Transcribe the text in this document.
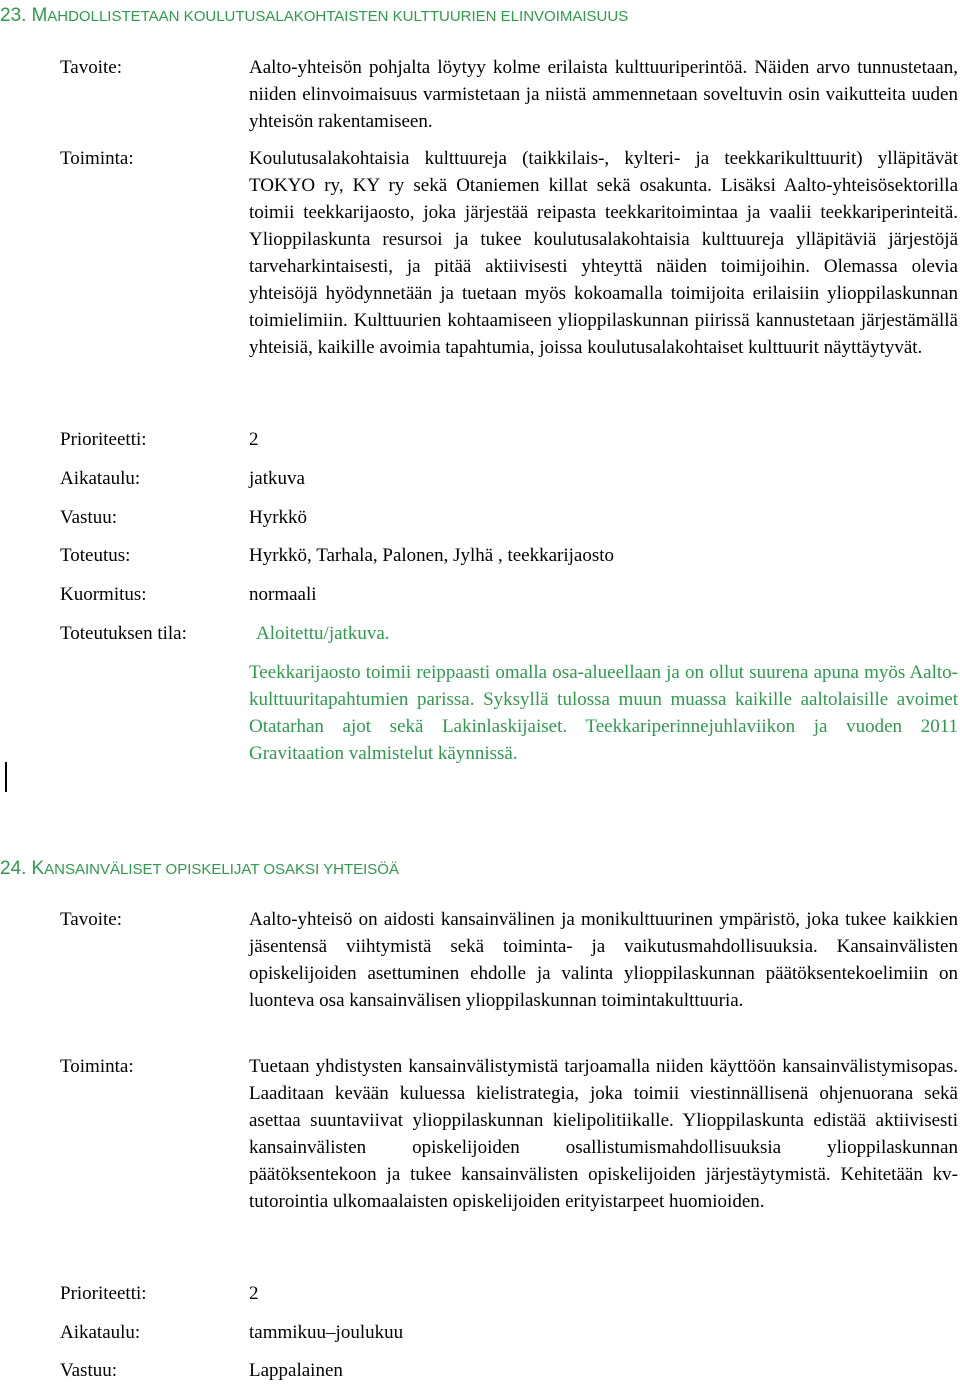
23. MAHDOLLISTETAAN KOULUTUSALAKOHTAISTEN KULTTUURIEN ELINVOIMAISUUS
Tavoite:	Aalto-yhteisön pohjalta löytyy kolme erilaista kulttuuriperintöä. Näiden arvo tunnustetaan, niiden elinvoimaisuus varmistetaan ja niistä ammennetaan soveltuvin osin vaikutteita uuden yhteisön rakentamiseen.

Toiminta:	Koulutusalakohtaisia kulttuureja (taikkilais-, kylteri- ja teekkarikulttuurit) ylläpitävät TOKYO ry, KY ry sekä Otaniemen killat sekä osakunta. Lisäksi Aalto-yhteisösektorilla toimii teekkarijaosto, joka järjestää reipasta teekkaritoimintaa ja vaalii teekkariperinteitä. Ylioppilaskunta resursoi ja tukee koulutusalakohtaisia kulttuureja ylläpitäviä järjestöjä tarveharkintaisesti, ja pitää aktiivisesti yhteyttä näiden toimijoihin. Olemassa olevia yhteisöjä hyödynnetään ja tuetaan myös kokoamalla toimijoita erilaisiin ylioppilaskunnan toimielimiin. Kulttuurien kohtaamiseen ylioppilaskunnan piirissä kannustetaan järjestämällä yhteisiä, kaikille avoimia tapahtumia, joissa koulutusalakohtaiset kulttuurit näyttäytyvät.

Prioriteetti:	2
Aikataulu:	jatkuva
Vastuu:	Hyrkkö
Toteutus:	Hyrkkö, Tarhala, Palonen, Jylhä , teekkarijaosto
Kuormitus:	normaali
Toteutuksen tila:	Aloitettu/jatkuva.

Teekkarijaosto toimii reippaasti omalla osa-alueellaan ja on ollut suurena apuna myös Aalto-kulttuuritapahtumien parissa. Syksyllä tulossa muun muassa kaikille aaltolaisille avoimet Otatarhan ajot sekä Lakinlaskijaiset. Teekkariperinnejuhlaviikon ja vuoden 2011 Gravitaation valmistelut käynnissä.

24. KANSAINVÄLISET OPISKELIJAT OSAKSI YHTEISÖÄ
Tavoite:	Aalto-yhteisö on aidosti kansainvälinen ja monikulttuurinen ympäristö, joka tukee kaikkien jäsentensä viihtymistä sekä toiminta- ja vaikutusmahdollisuuksia. Kansainvälisten opiskelijoiden asettuminen ehdolle ja valinta ylioppilaskunnan päätöksentekoelimiin on luonteva osa kansainvälisen ylioppilaskunnan toimintakulttuuria.

Toiminta:	Tuetaan yhdistysten kansainvälistymistä tarjoamalla niiden käyttöön kansainvälistymisopas. Laaditaan kevään kuluessa kielistrategia, joka toimii viestinnällisenä ohjenuorana sekä asettaa suuntaviivat ylioppilaskunnan kielipolitiikalle. Ylioppilaskunta edistää aktiivisesti kansainvälisten opiskelijoiden osallistumismahdollisuuksia ylioppilaskunnan päätöksentekoon ja tukee kansainvälisten opiskelijoiden järjestäytymistä. Kehitetään kv-tutorointia ulkomaalaisten opiskelijoiden erityistarpeet huomioiden.

Prioriteetti:	2
Aikataulu:	tammikuu–joulukuu
Vastuu:	Lappalainen
